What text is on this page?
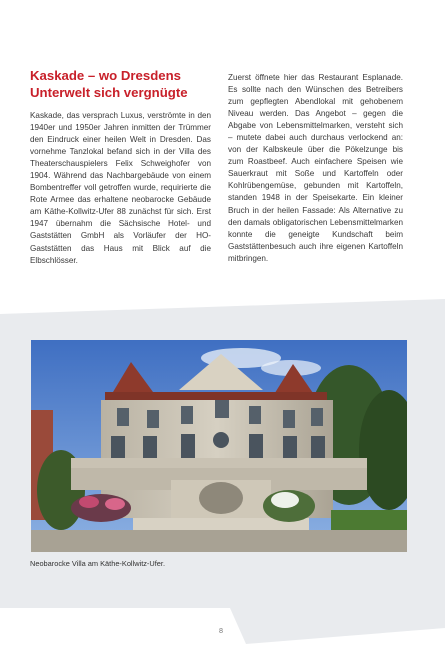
Kaskade – wo Dresdens Unterwelt sich vergnügte

Kaskade, das versprach Luxus, verströmte in den 1940er und 1950er Jahren inmitten der Trümmer den Eindruck einer heilen Welt in Dresden. Das vornehme Tanzlokal befand sich in der Villa des Theaterschauspielers Felix Schweighofer von 1904. Während das Nachbargebäude von einem Bombentreffer voll getroffen wurde, requirierte die Rote Armee das erhaltene neobarocke Gebäude am Käthe-Kollwitz-Ufer 88 zunächst für sich. Erst 1947 übernahm die Sächsische Hotel- und Gaststätten GmbH als Vorläufer der HO-Gaststätten das Haus mit Blick auf die Elbschlösser.

Zuerst öffnete hier das Restaurant Esplanade. Es sollte nach den Wünschen des Betreibers zum gepflegten Abendlokal mit gehobenem Niveau werden. Das Angebot – gegen die Abgabe von Lebensmittelmarken, versteht sich – mutete dabei auch durchaus verlockend an: von der Kalbskeule über die Pökelzunge bis zum Roastbeef. Auch einfachere Speisen wie Sauerkraut mit Soße und Kartoffeln oder Kohlrübengemüse, gebunden mit Kartoffeln, standen 1948 in der Speisekarte. Ein kleiner Bruch in der heilen Fassade: Als Alternative zu den damals obligatorischen Lebensmittelmarken konnte die geneigte Kundschaft beim Gaststättenbesuch auch ihre eigenen Kartoffeln mitbringen.

Neobarocke Villa am Käthe-Kollwitz-Ufer.

8
